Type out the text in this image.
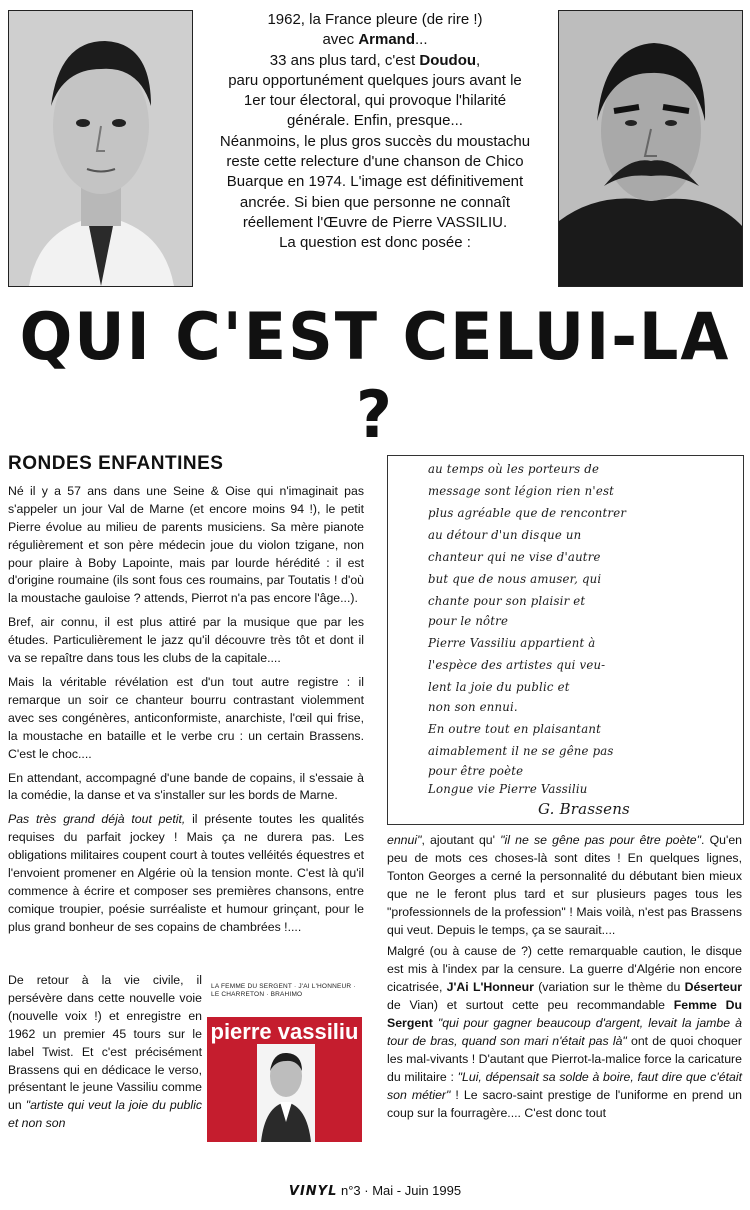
1962, la France pleure (de rire !)

avec Armand...

33 ans plus tard, c'est Doudou,

paru opportunément quelques jours avant le

1er tour électoral, qui provoque l'hilarité

générale. Enfin, presque...

Néanmoins, le plus gros succès du moustachu

reste cette relecture d'une chanson de Chico

Buarque en 1974. L'image est définitivement

ancrée. Si bien que personne ne connaît

réellement l'Œuvre de Pierre VASSILIU.

La question est donc posée :

QUI C'EST CELUI-LA ?
RONDES ENFANTINES

Né il y a 57 ans dans une Seine & Oise qui n'imaginait pas s'appeler un jour Val de Marne (et encore moins 94 !), le petit Pierre évolue au milieu de parents musiciens. Sa mère pianote régulièrement et son père médecin joue du violon tzigane, non pour plaire à Boby Lapointe, mais par lourde hérédité : il est d'origine roumaine (ils sont fous ces roumains, par Toutatis ! d'où la moustache gauloise ? attends, Pierrot n'a pas encore l'âge...).

Bref, air connu, il est plus attiré par la musique que par les études. Particulièrement le jazz qu'il découvre très tôt et dont il va se repaître dans tous les clubs de la capitale....

Mais la véritable révélation est d'un tout autre registre : il remarque un soir ce chanteur bourru contrastant violemment avec ses congénères, anticonformiste, anarchiste, l'œil qui frise, la moustache en bataille et le verbe cru : un certain Brassens. C'est le choc....

En attendant, accompagné d'une bande de copains, il s'essaie à la comédie, la danse et va s'installer sur les bords de Marne.

Pas très grand déjà tout petit, il présente toutes les qualités requises du parfait jockey ! Mais ça ne durera pas. Les obligations militaires coupent court à toutes velléités équestres et l'envoient promener en Algérie où la tension monte. C'est là qu'il commence à écrire et composer ses premières chansons, entre comique troupier, poésie surréaliste et humour grinçant, pour le plus grand bonheur de ses copains de chambrées !....

De retour à la vie civile, il persévère dans cette nouvelle voie (nouvelle voix !) et enregistre en 1962 un premier 45 tours sur le label Twist. Et c'est précisément Brassens qui en dédicace le verso, présentant le jeune Vassiliu comme un "artiste qui veut la joie du public et non son
LA FEMME DU SERGENT · J'AI L'HONNEUR · LE CHARRETON · BRAHIMO
pierre vassiliu
au temps où les porteurs de
message sont légion rien n'est
plus agréable que de rencontrer
au détour d'un disque un
chanteur qui ne vise d'autre
but que de nous amuser, qui
chante pour son plaisir et
pour le nôtre
Pierre Vassiliu appartient à
l'espèce des artistes qui veu-
lent la joie du public et
non son ennui.
En outre tout en plaisantant
aimablement il ne se gêne pas
pour être poète
Longue vie Pierre Vassiliu
G. Brassens

ennui", ajoutant qu' "il ne se gêne pas pour être poète". Qu'en peu de mots ces choses-là sont dites ! En quelques lignes, Tonton Georges a cerné la personnalité du débutant bien mieux que ne le feront plus tard et sur plusieurs pages tous les "professionnels de la profession" ! Mais voilà, n'est pas Brassens qui veut. Depuis le temps, ça se saurait....

Malgré (ou à cause de ?) cette remarquable caution, le disque est mis à l'index par la censure. La guerre d'Algérie non encore cicatrisée, J'Ai L'Honneur (variation sur le thème du Déserteur de Vian) et surtout cette peu recommandable Femme Du Sergent "qui pour gagner beaucoup d'argent, levait la jambe à tour de bras, quand son mari n'était pas là" ont de quoi choquer les mal-vivants ! D'autant que Pierrot-la-malice force la caricature du militaire : "Lui, dépensait sa solde à boire, faut dire que c'était son métier" ! Le sacro-saint prestige de l'uniforme en prend un coup sur la fourragère.... C'est donc tout

VINYL n°3 · Mai - Juin 1995
